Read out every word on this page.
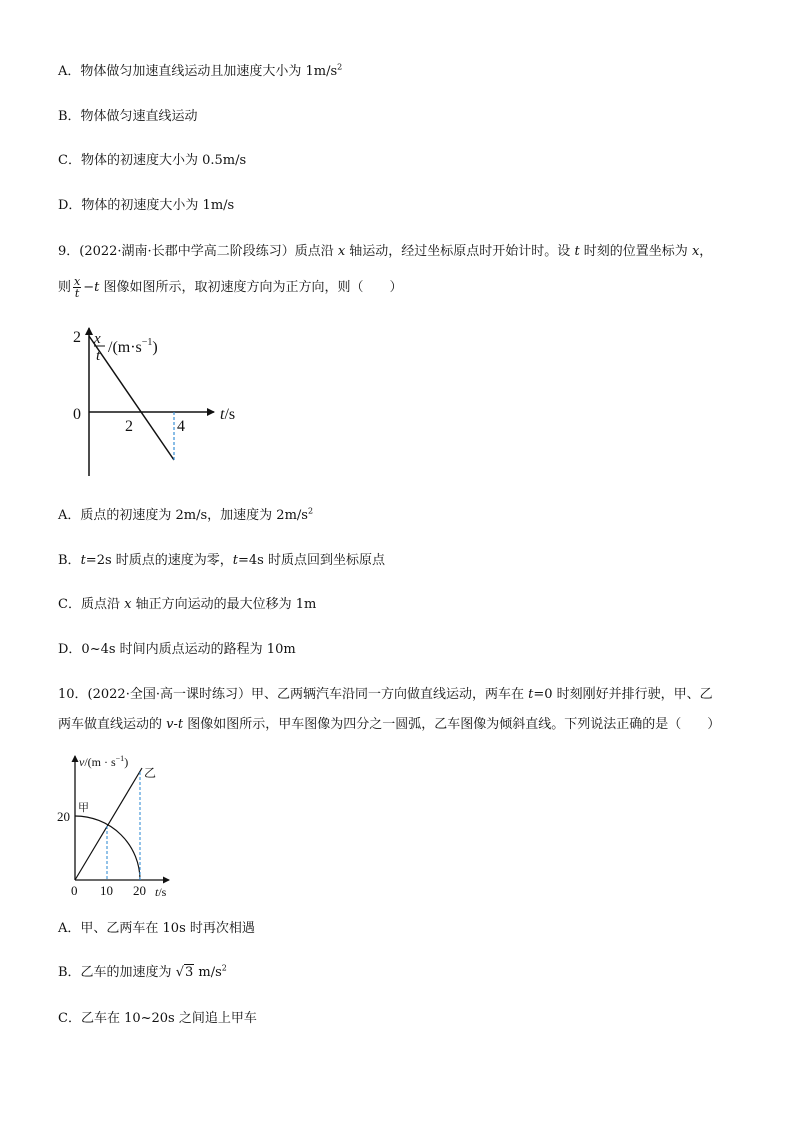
A．物体做匀加速直线运动且加速度大小为 $1m/s^2$
B．物体做匀速直线运动
C．物体的初速度大小为 0.5m/s
D．物体的初速度大小为 1m/s
9．(2022·湖南·长郡中学高二阶段练习）质点沿 x 轴运动，经过坐标原点时开始计时。设 t 时刻的位置坐标为 x，
则 $\frac{x}{t} -t$ 图像如图所示，取初速度方向为正方向，则（　　）
x
t $/(m\cdot s^{-1})$
2
0
2	4
t/s
A．质点的初速度为 2m/s，加速度为 $2m/s^2$
B．t=2s 时质点的速度为零，t=4s 时质点回到坐标原点
C．质点沿 x 轴正方向运动的最大位移为 1m
D．0~4s 时间内质点运动的路程为 10m
10．(2022·全国·高一课时练习）甲、乙两辆汽车沿同一方向做直线运动，两车在 t=0 时刻刚好并排行驶，甲、乙
两车做直线运动的 v-t 图像如图所示，甲车图像为四分之一圆弧，乙车图像为倾斜直线。下列说法正确的是（　　）
$v/(m \cdot s^{-1})$
乙
甲
20
0 10 20 t/s
A．甲、乙两车在 10s 时再次相遇
B．乙车的加速度为 √3 $m/s^2$
C．乙车在 10~20s 之间追上甲车
